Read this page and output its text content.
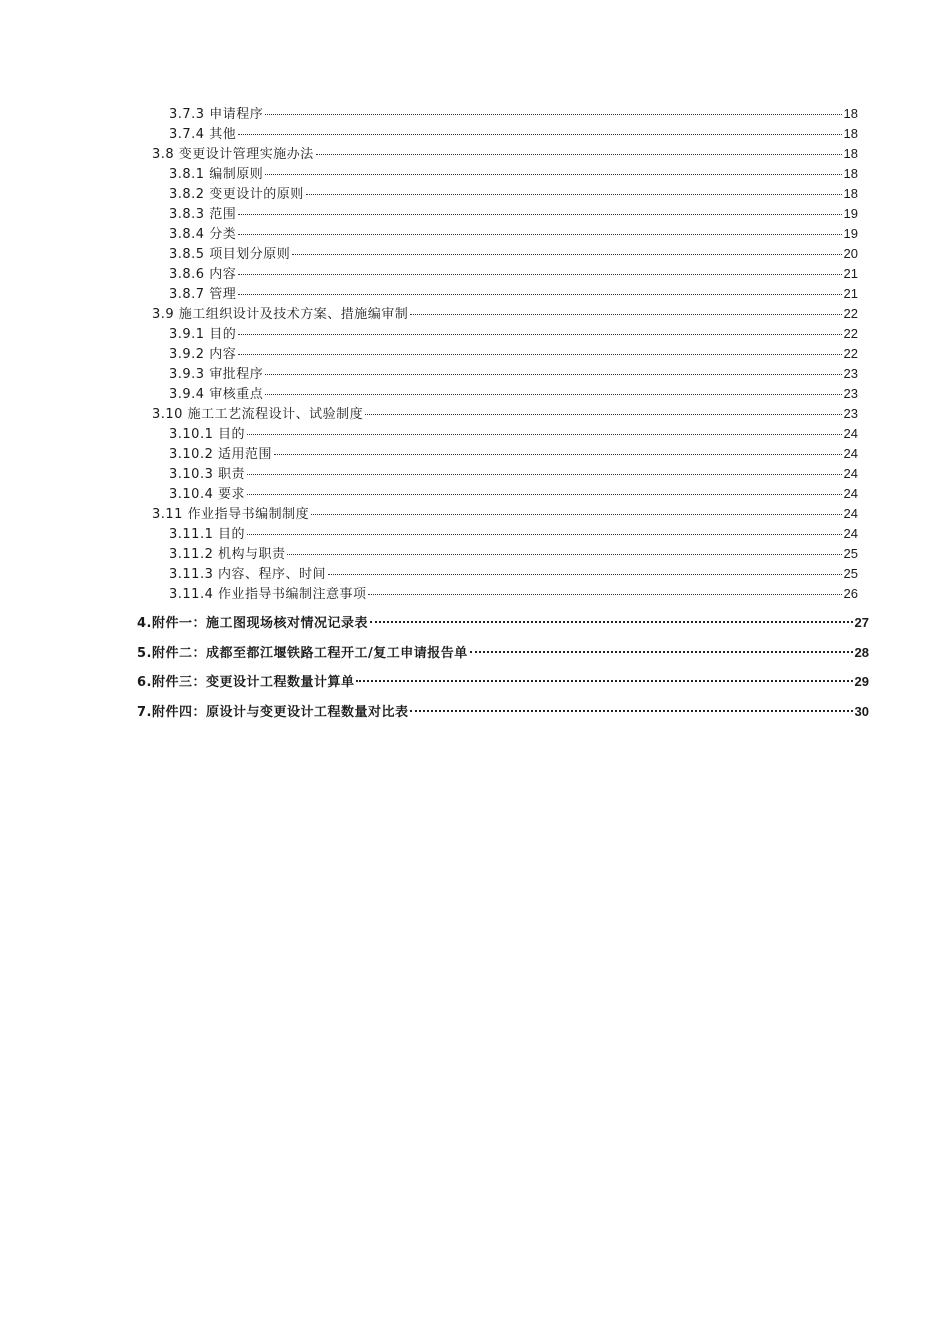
3.7.3 申请程序	18
3.7.4 其他	18
3.8 变更设计管理实施办法	18
3.8.1 编制原则	18
3.8.2 变更设计的原则	18
3.8.3 范围	19
3.8.4 分类	19
3.8.5 项目划分原则	20
3.8.6 内容	21
3.8.7 管理	21
3.9 施工组织设计及技术方案、措施编审制	22
3.9.1 目的	22
3.9.2 内容	22
3.9.3 审批程序	23
3.9.4 审核重点	23
3.10 施工工艺流程设计、试验制度	23
3.10.1 目的	24
3.10.2 适用范围	24
3.10.3 职责	24
3.10.4 要求	24
3.11 作业指导书编制制度	24
3.11.1 目的	24
3.11.2 机构与职责	25
3.11.3 内容、程序、时间	25
3.11.4 作业指导书编制注意事项	26
4.附件一：施工图现场核对情况记录表	27
5.附件二：成都至都江堰铁路工程开工/复工申请报告单	28
6.附件三：变更设计工程数量计算单	29
7.附件四：原设计与变更设计工程数量对比表	30
